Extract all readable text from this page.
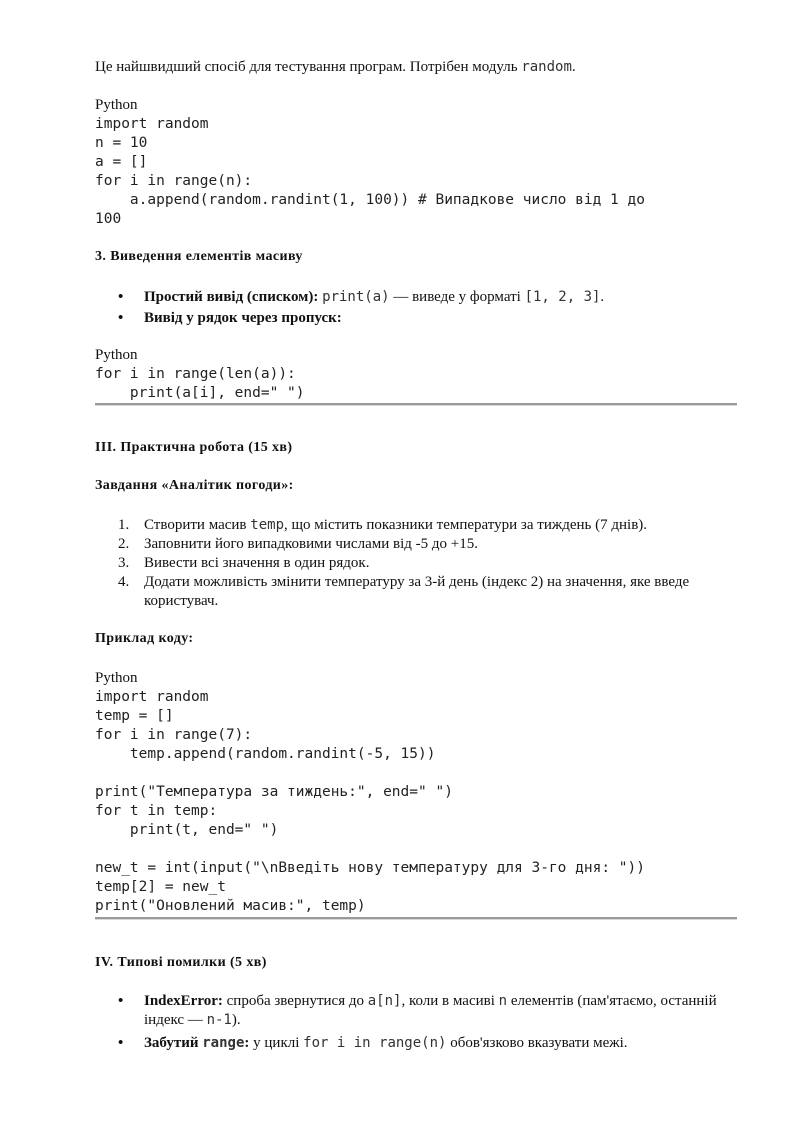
Це найшвидший спосіб для тестування програм. Потрібен модуль random.
Python
import random
n = 10
a = []
for i in range(n):
a.append(random.randint(1, 100)) # Випадкове число від 1 до
100
3. Виведення елементів масиву
• Простий вивід (списком): print(a) — виведе у форматі [1, 2, 3].
• Вивід у рядок через пропуск:
Python
for i in range(len(a)):
print(a[i], end=" ")
III. Практична робота (15 хв)
Завдання «Аналітик погоди»:
1. Створити масив temp, що містить показники температури за тиждень (7 днів).
2. Заповнити його випадковими числами від -5 до +15.
3. Вивести всі значення в один рядок.
4. Додати можливість змінити температуру за 3-й день (індекс 2) на значення, яке введе користувач.
Приклад коду:
Python
import random
temp = []
for i in range(7):
temp.append(random.randint(-5, 15))
print("Температура за тиждень:", end=" ")
for t in temp:
print(t, end=" ")
new_t = int(input("\nВведіть нову температуру для 3-го дня: "))
temp[2] = new_t
print("Оновлений масив:", temp)
IV. Типові помилки (5 хв)
• IndexError: спроба звернутися до a[n], коли в масиві n елементів (пам'ятаємо, останній індекс — n-1).
• Забутий range: у циклі for i in range(n) обов'язково вказувати межі.
